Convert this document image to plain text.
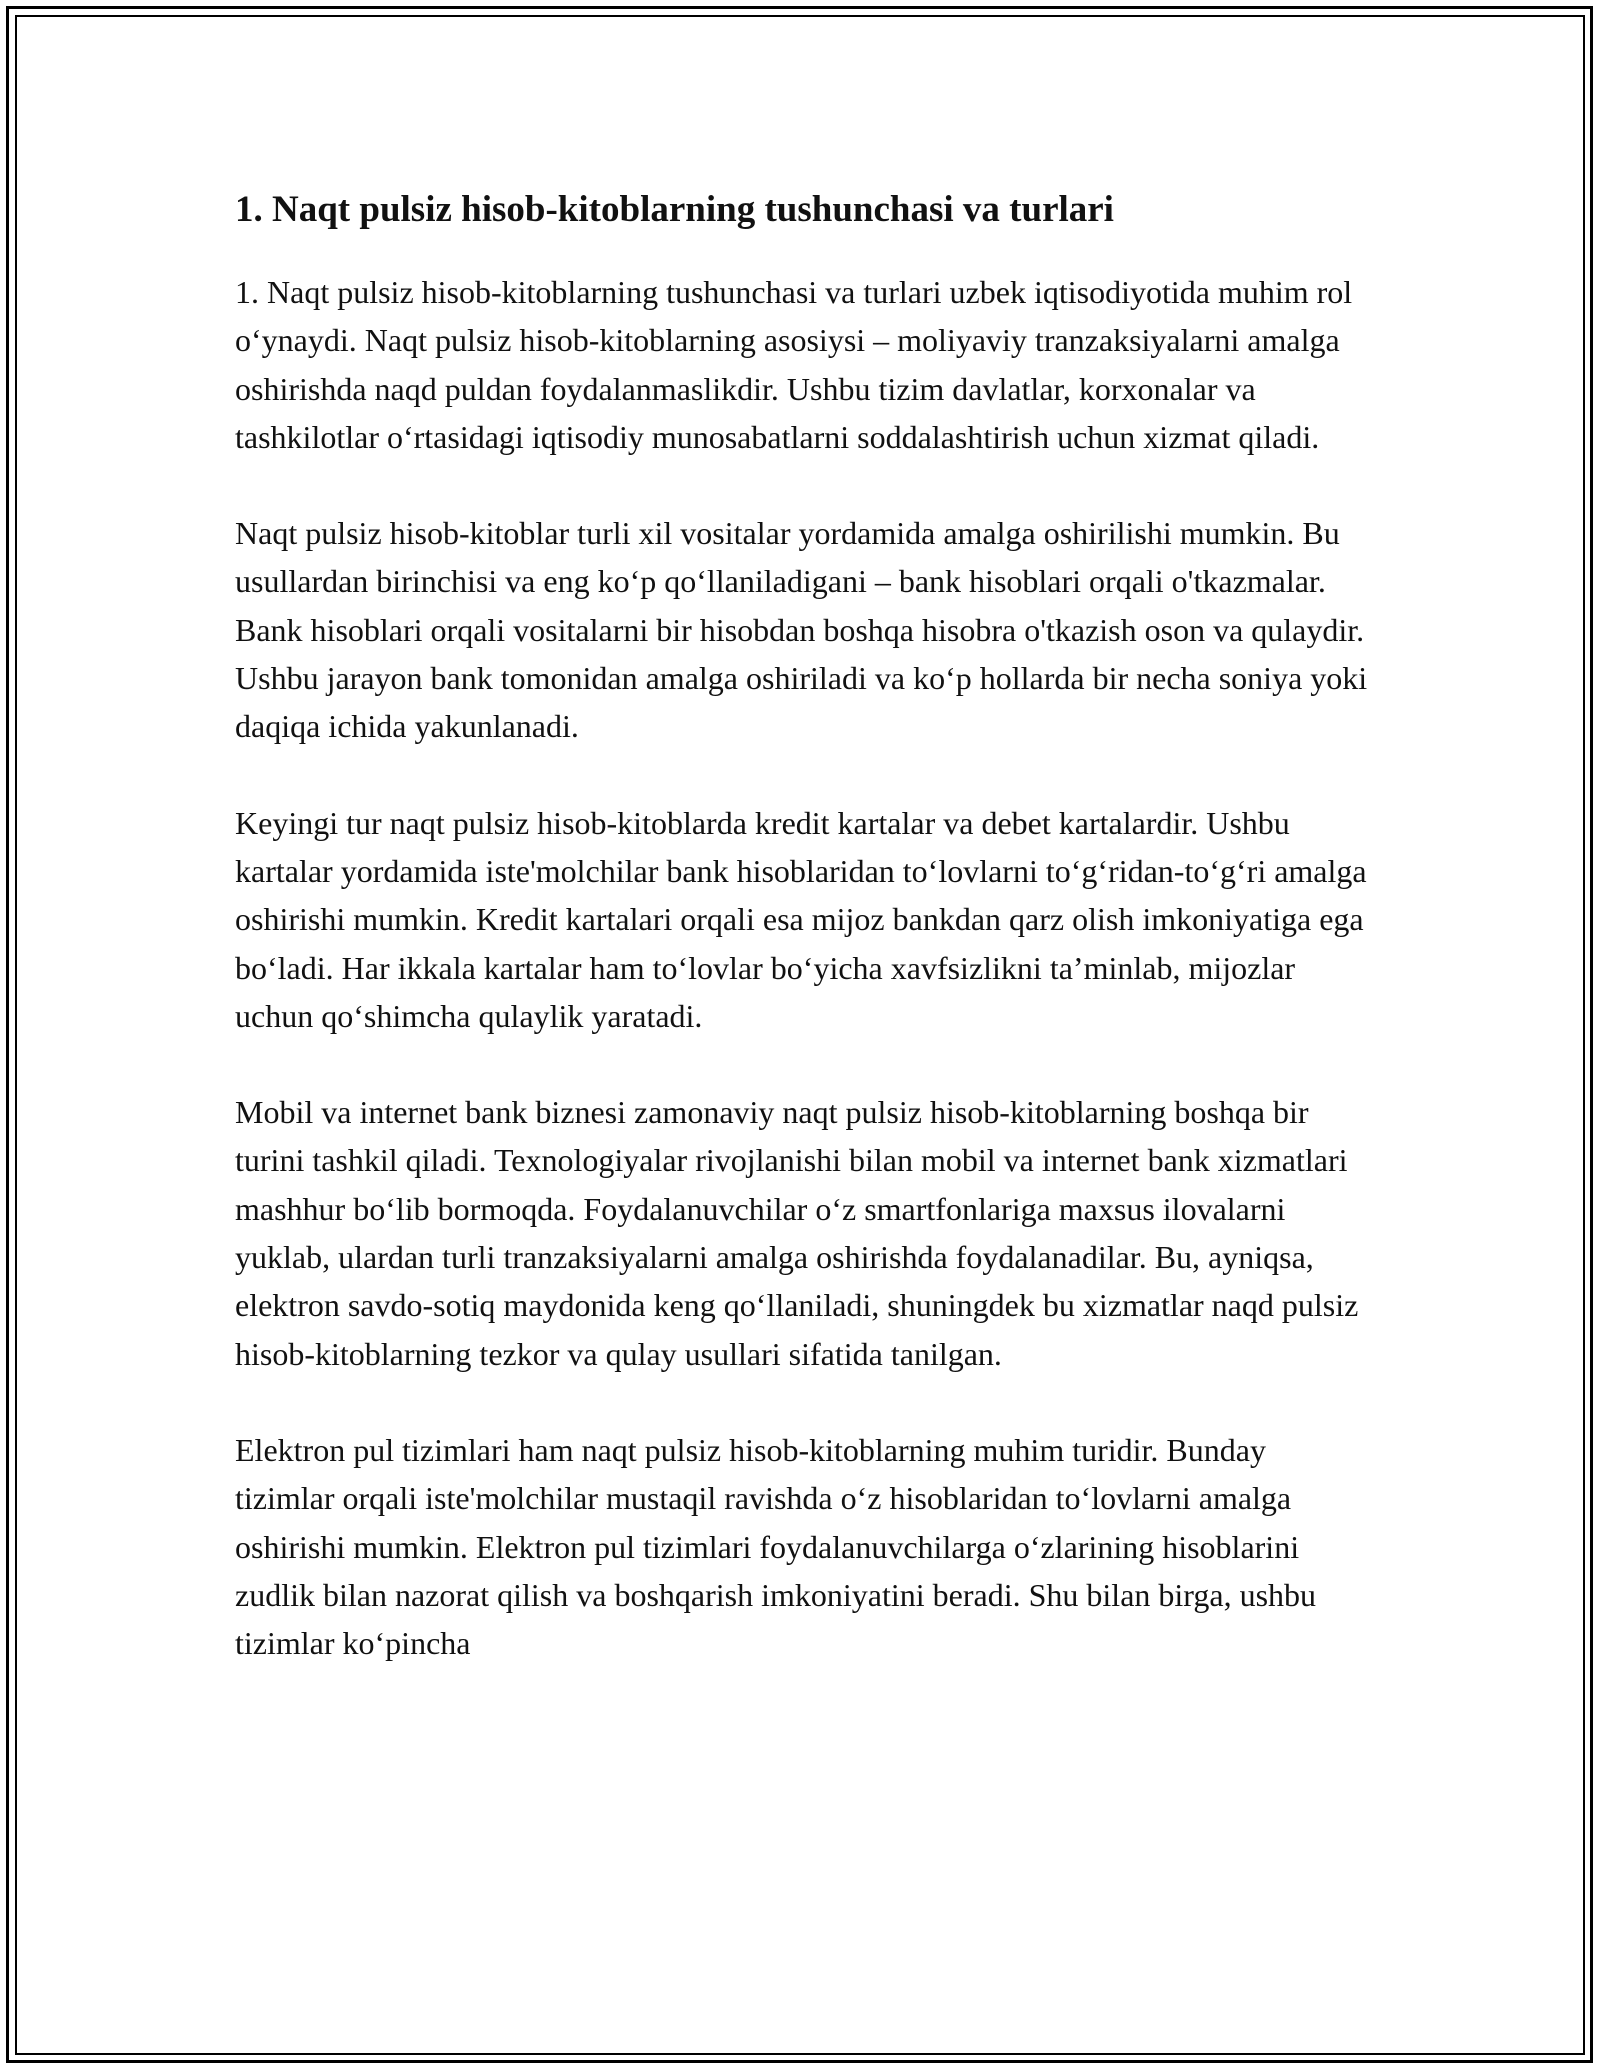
1. Naqt pulsiz hisob-kitoblarning tushunchasi va turlari

1. Naqt pulsiz hisob-kitoblarning tushunchasi va turlari uzbek iqtisodiyotida muhim rol oʻynaydi. Naqt pulsiz hisob-kitoblarning asosiysi – moliyaviy tranzaksiyalarni amalga oshirishda naqd puldan foydalanmaslikdir. Ushbu tizim davlatlar, korxonalar va tashkilotlar oʻrtasidagi iqtisodiy munosabatlarni soddalashtirish uchun xizmat qiladi.

Naqt pulsiz hisob-kitoblar turli xil vositalar yordamida amalga oshirilishi mumkin. Bu usullardan birinchisi va eng koʻp qoʻllaniladigani – bank hisoblari orqali o'tkazmalar. Bank hisoblari orqali vositalarni bir hisobdan boshqa hisobra o'tkazish oson va qulaydir. Ushbu jarayon bank tomonidan amalga oshiriladi va koʻp hollarda bir necha soniya yoki daqiqa ichida yakunlanadi.

Keyingi tur naqt pulsiz hisob-kitoblarda kredit kartalar va debet kartalardir. Ushbu kartalar yordamida iste'molchilar bank hisoblaridan toʻlovlarni toʻgʻridan-toʻgʻri amalga oshirishi mumkin. Kredit kartalari orqali esa mijoz bankdan qarz olish imkoniyatiga ega boʻladi. Har ikkala kartalar ham toʻlovlar boʻyicha xavfsizlikni taʼminlab, mijozlar uchun qoʻshimcha qulaylik yaratadi.

Mobil va internet bank biznesi zamonaviy naqt pulsiz hisob-kitoblarning boshqa bir turini tashkil qiladi. Texnologiyalar rivojlanishi bilan mobil va internet bank xizmatlari mashhur boʻlib bormoqda. Foydalanuvchilar oʻz smartfonlariga maxsus ilovalarni yuklab, ulardan turli tranzaksiyalarni amalga oshirishda foydalanadilar. Bu, ayniqsa, elektron savdo-sotiq maydonida keng qoʻllaniladi, shuningdek bu xizmatlar naqd pulsiz hisob-kitoblarning tezkor va qulay usullari sifatida tanilgan.

Elektron pul tizimlari ham naqt pulsiz hisob-kitoblarning muhim turidir. Bunday tizimlar orqali iste'molchilar mustaqil ravishda oʻz hisoblaridan toʻlovlarni amalga oshirishi mumkin. Elektron pul tizimlari foydalanuvchilarga oʻzlarining hisoblarini zudlik bilan nazorat qilish va boshqarish imkoniyatini beradi. Shu bilan birga, ushbu tizimlar koʻpincha
